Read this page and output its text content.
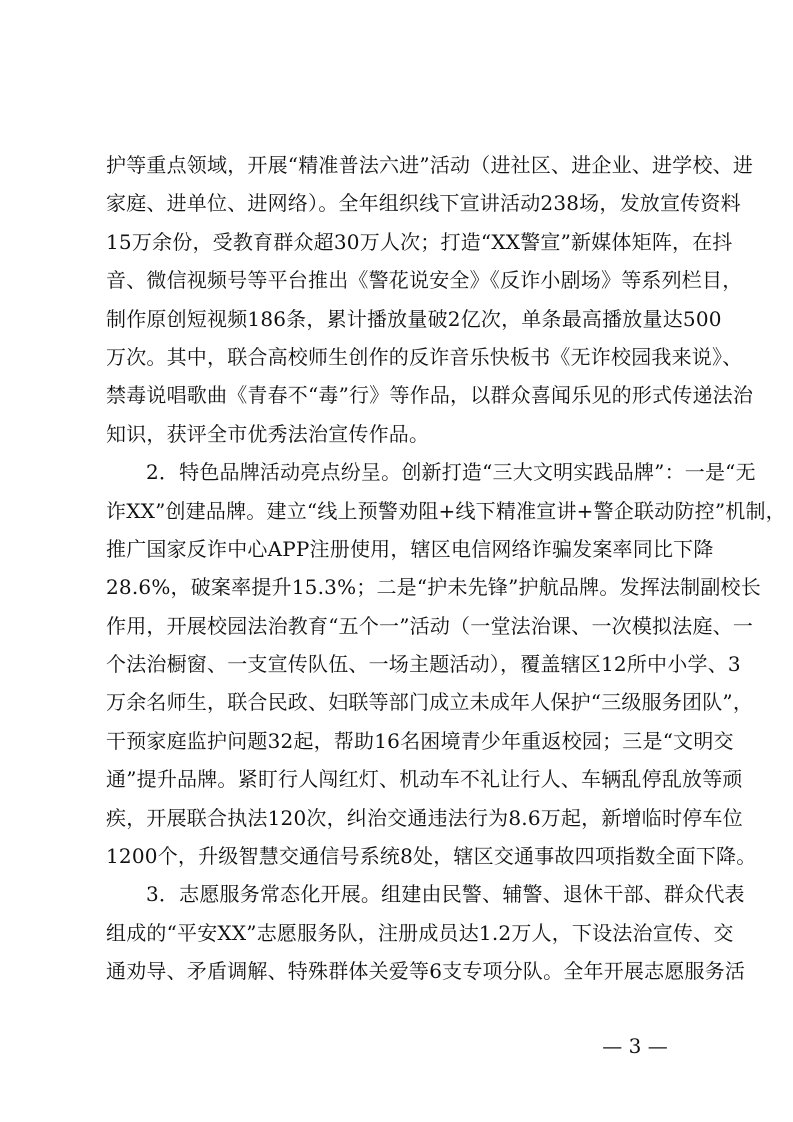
护等重点领域，开展“精准普法六进”活动（进社区、进企业、进学校、进
家庭、进单位、进网络）。全年组织线下宣讲活动238场，发放宣传资料
15万余份，受教育群众超30万人次；打造“XX警宣”新媒体矩阵，在抖
音、微信视频号等平台推出《警花说安全》《反诈小剧场》等系列栏目，
制作原创短视频186条，累计播放量破2亿次，单条最高播放量达500
万次。其中，联合高校师生创作的反诈音乐快板书《无诈校园我来说》、
禁毒说唱歌曲《青春不“毒”行》等作品，以群众喜闻乐见的形式传递法治
知识，获评全市优秀法治宣传作品。
2．特色品牌活动亮点纷呈。创新打造“三大文明实践品牌”：一是“无
诈XX”创建品牌。建立“线上预警劝阻+线下精准宣讲+警企联动防控”机制，
推广国家反诈中心APP注册使用，辖区电信网络诈骗发案率同比下降
28.6%，破案率提升15.3%；二是“护未先锋”护航品牌。发挥法制副校长
作用，开展校园法治教育“五个一”活动（一堂法治课、一次模拟法庭、一
个法治橱窗、一支宣传队伍、一场主题活动），覆盖辖区12所中小学、3
万余名师生，联合民政、妇联等部门成立未成年人保护“三级服务团队”，
干预家庭监护问题32起，帮助16名困境青少年重返校园；三是“文明交
通”提升品牌。紧盯行人闯红灯、机动车不礼让行人、车辆乱停乱放等顽
疾，开展联合执法120次，纠治交通违法行为8.6万起，新增临时停车位
1200个，升级智慧交通信号系统8处，辖区交通事故四项指数全面下降。
3．志愿服务常态化开展。组建由民警、辅警、退休干部、群众代表
组成的“平安XX”志愿服务队，注册成员达1.2万人，下设法治宣传、交
通劝导、矛盾调解、特殊群体关爱等6支专项分队。全年开展志愿服务活
— 3 —
